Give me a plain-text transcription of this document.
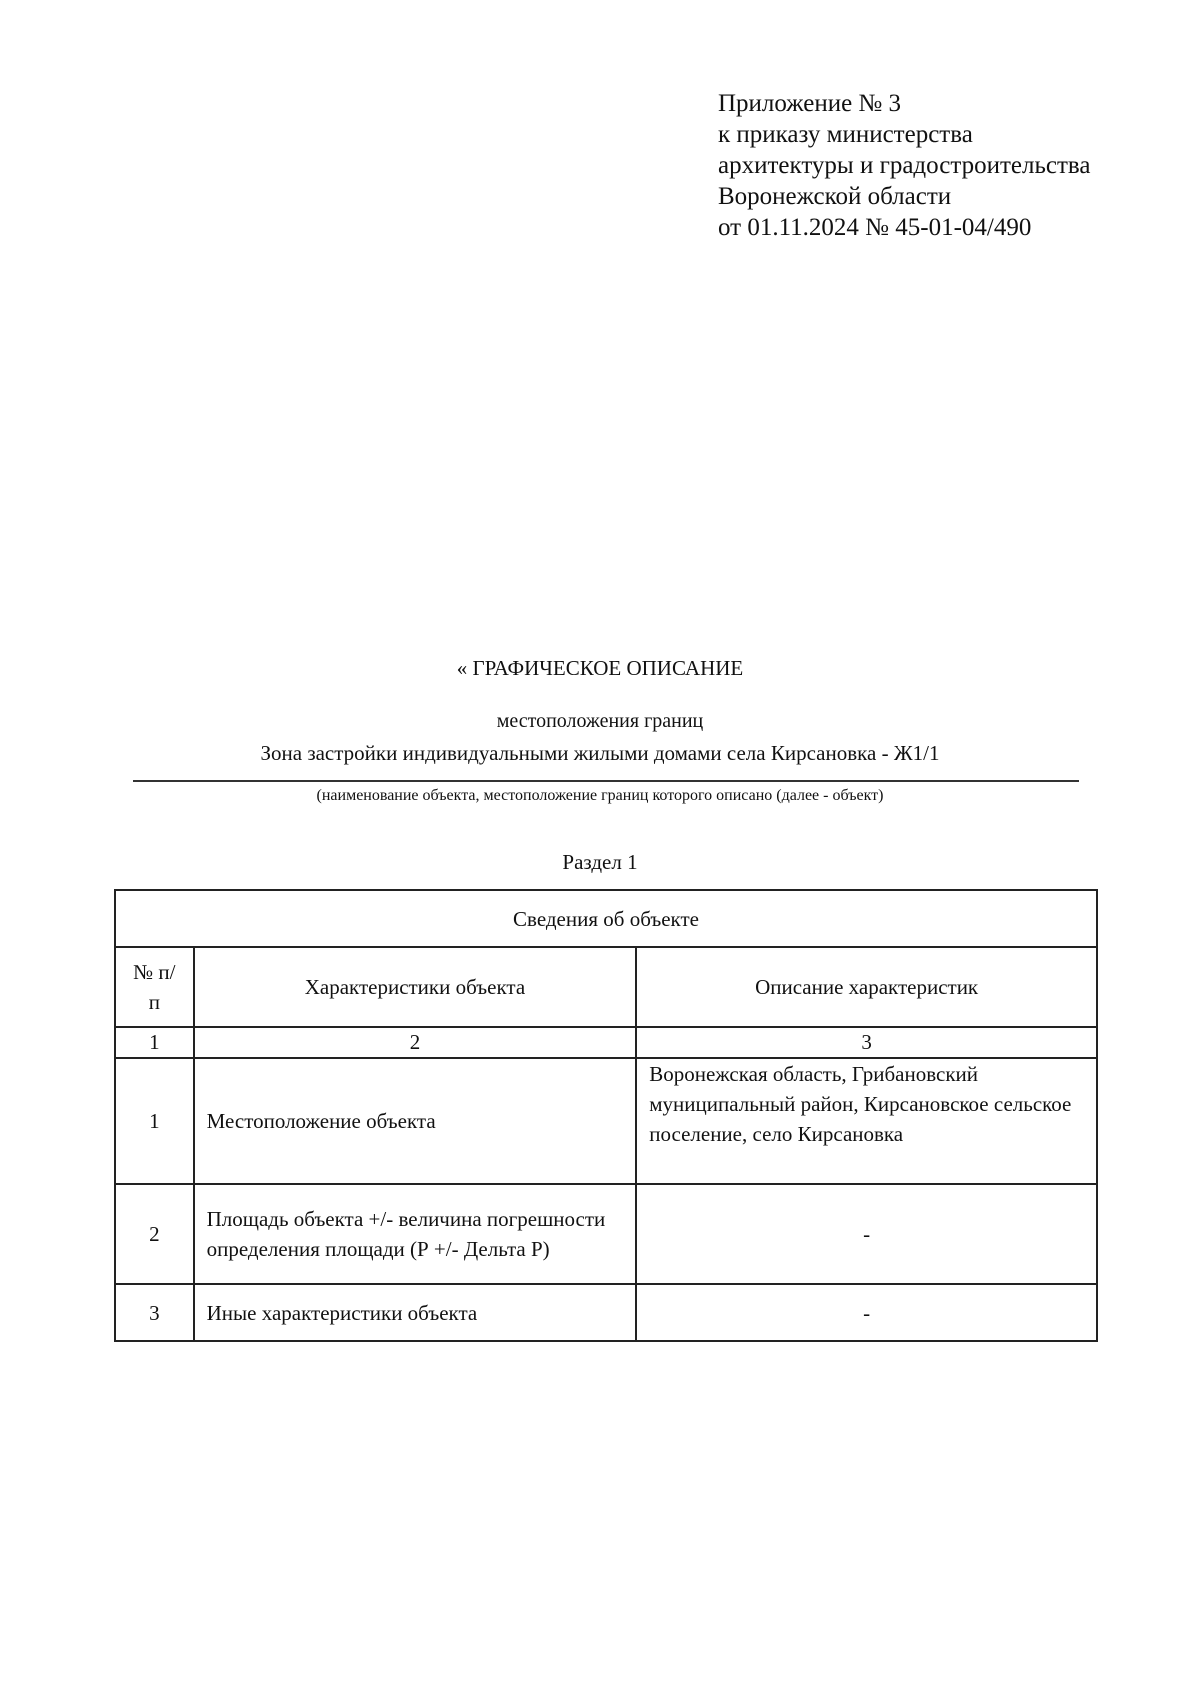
Приложение № 3
к приказу министерства
архитектуры и градостроительства
Воронежской области
от 01.11.2024 № 45-01-04/490
« ГРАФИЧЕСКОЕ ОПИСАНИЕ
местоположения границ
Зона застройки индивидуальными жилыми домами села Кирсановка - Ж1/1
(наименование объекта, местоположение границ которого описано (далее - объект)
Раздел 1
Сведения об объекте		
№ п/п	Характеристики объекта	Описание характеристик
1	2	3
1	Местоположение объекта	Воронежская область, Грибановский муниципальный район, Кирсановское сельское поселение, село Кирсановка
2	Площадь объекта +/- величина погрешности определения площади (Р +/- Дельта Р)	-
3	Иные характеристики объекта	-
